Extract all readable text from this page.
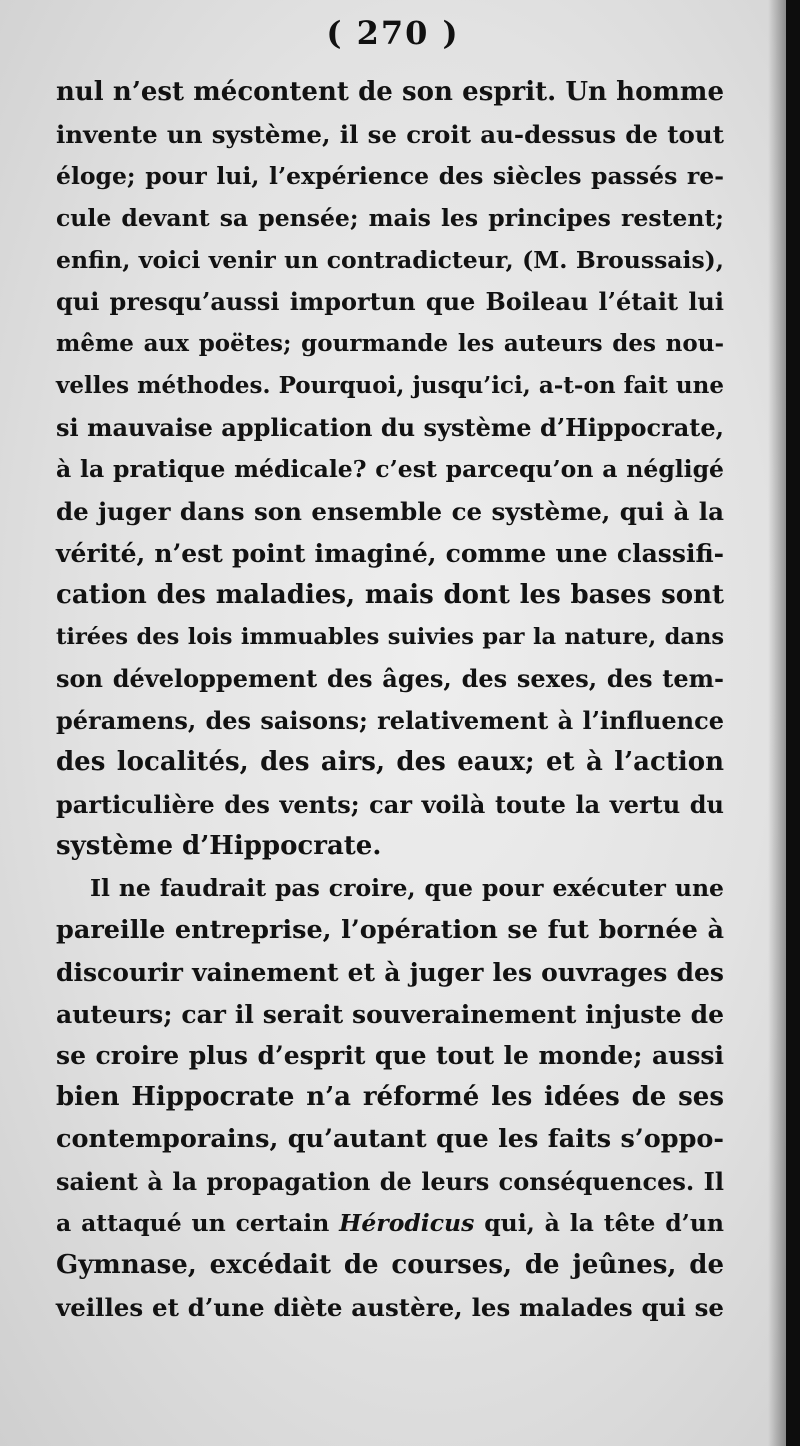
( 270 )
nul n’est mécontent de son esprit. Un homme
invente un système, il se croit au-dessus de tout
éloge; pour lui, l’expérience des siècles passés re-
cule devant sa pensée; mais les principes restent;
enfin, voici venir un contradicteur, (M. Broussais),
qui presqu’aussi importun que Boileau l’était lui
même aux poëtes; gourmande les auteurs des nou-
velles méthodes. Pourquoi, jusqu’ici, a-t-on fait une
si mauvaise application du système d’Hippocrate,
à la pratique médicale? c’est parcequ’on a négligé
de juger dans son ensemble ce système, qui à la
vérité, n’est point imaginé, comme une classifi-
cation des maladies, mais dont les bases sont
tirées des lois immuables suivies par la nature, dans
son développement des âges, des sexes, des tem-
péramens, des saisons; relativement à l’influence
des localités, des airs, des eaux; et à l’action
particulière des vents; car voilà toute la vertu du
système d’Hippocrate.
Il ne faudrait pas croire, que pour exécuter une
pareille entreprise, l’opération se fut bornée à
discourir vainement et à juger les ouvrages des
auteurs; car il serait souverainement injuste de
se croire plus d’esprit que tout le monde; aussi
bien Hippocrate n’a réformé les idées de ses
contemporains, qu’autant que les faits s’oppo-
saient à la propagation de leurs conséquences. Il
a attaqué un certain Hérodicus qui, à la tête d’un
Gymnase, excédait de courses, de jeûnes, de
veilles et d’une diète austère, les malades qui se
